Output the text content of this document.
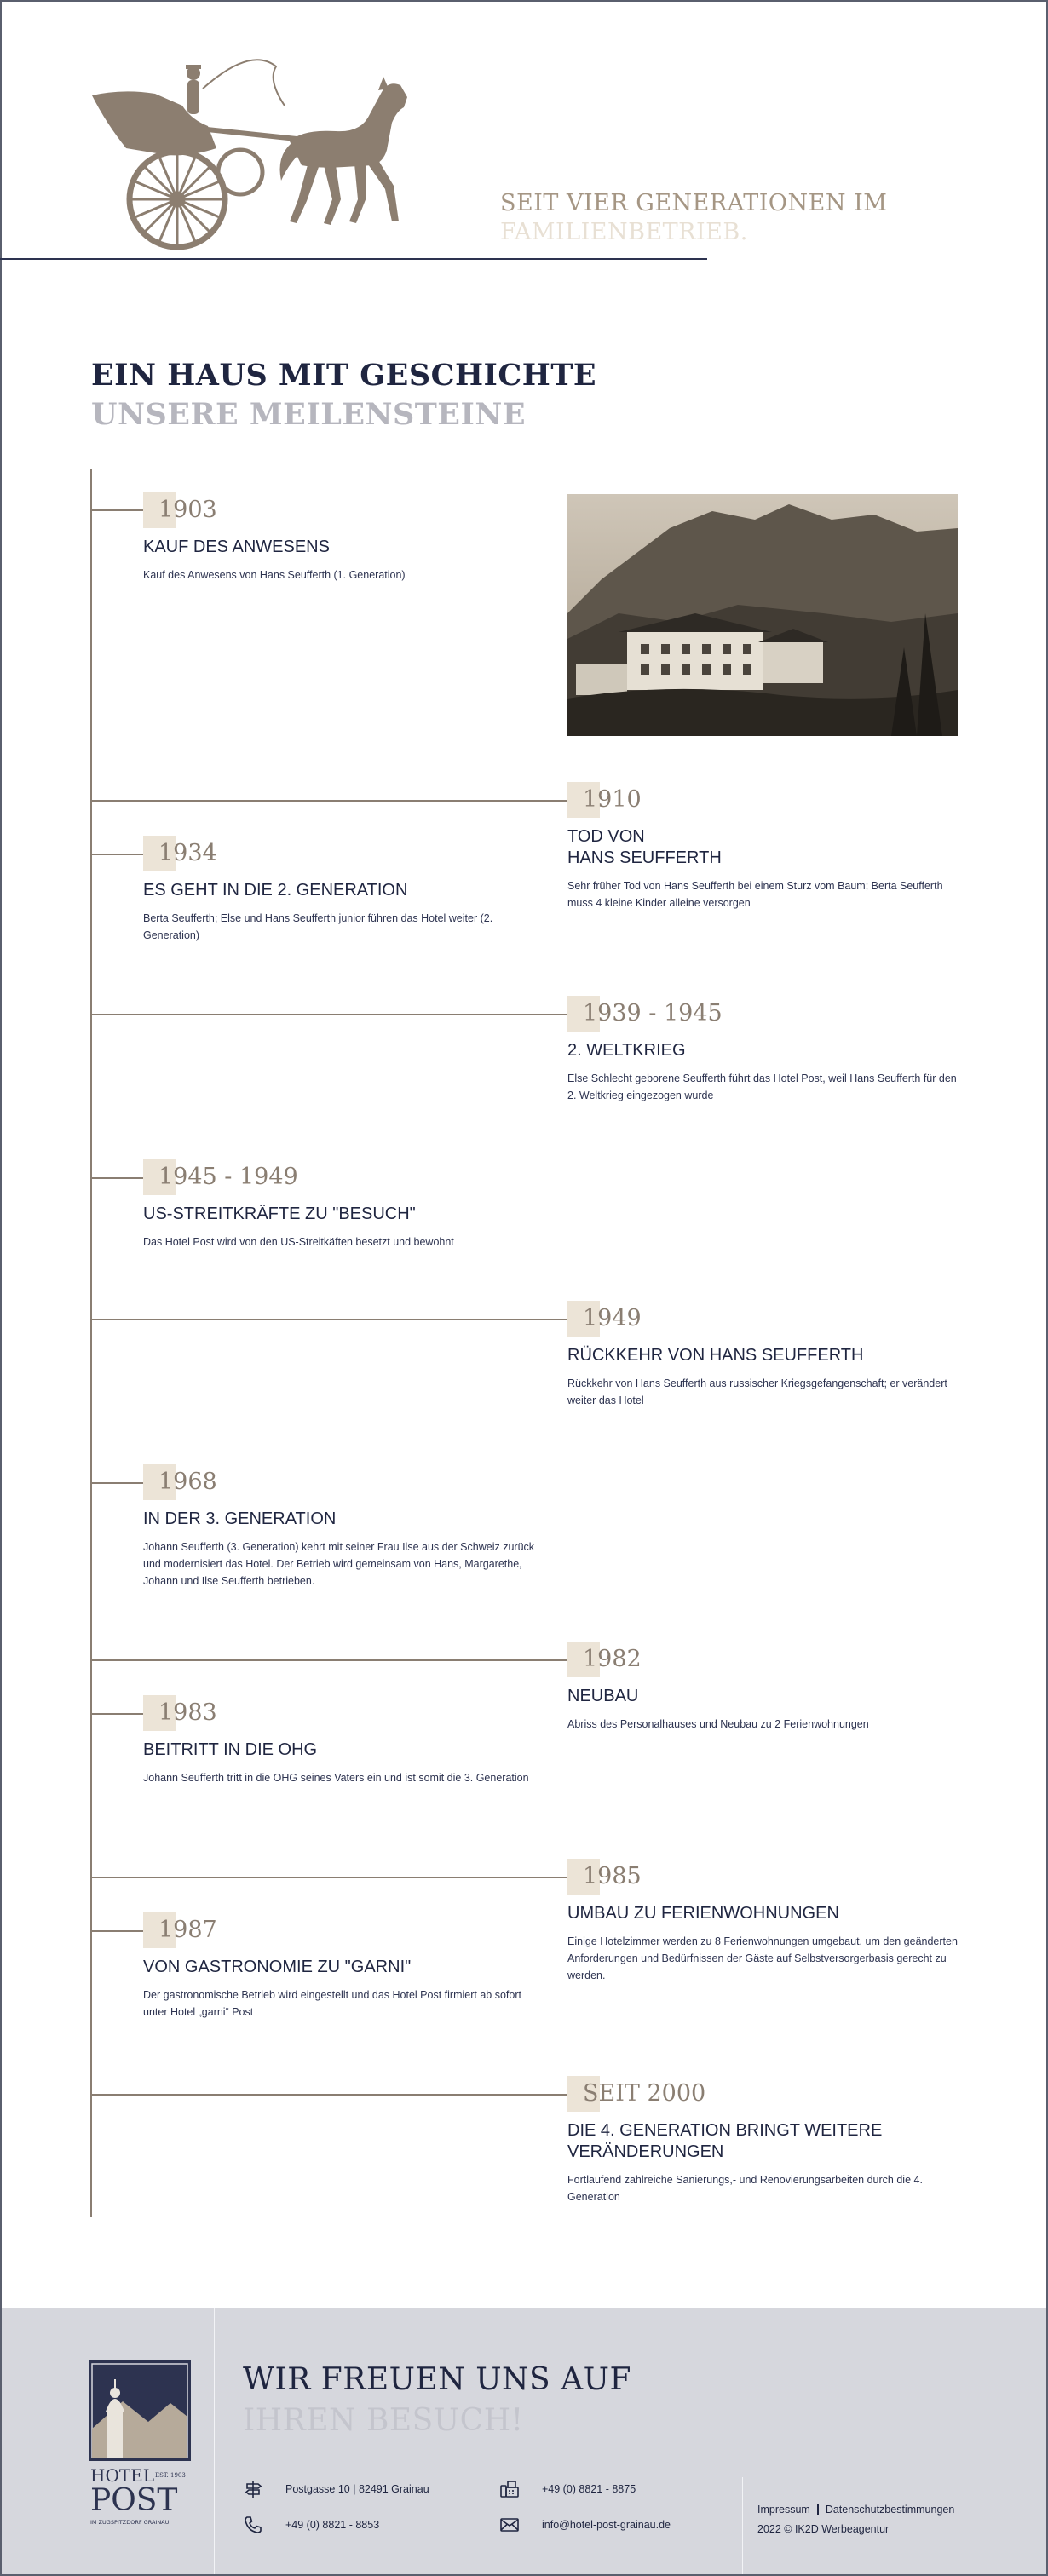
SEIT VIER GENERATIONEN IM
FAMILIENBETRIEB.
EIN HAUS MIT GESCHICHTE
UNSERE MEILENSTEINE
1903
KAUF DES ANWESENS
Kauf des Anwesens von Hans Seufferth (1. Generation)
1910
TOD VON
HANS SEUFFERTH
Sehr früher Tod von Hans Seufferth bei einem Sturz vom Baum; Berta Seufferth muss 4 kleine Kinder alleine versorgen
1934
ES GEHT IN DIE 2. GENERATION
Berta Seufferth; Else und Hans Seufferth junior führen das Hotel weiter (2. Generation)
1939 - 1945
2. WELTKRIEG
Else Schlecht geborene Seufferth führt das Hotel Post, weil Hans Seufferth für den 2. Weltkrieg eingezogen wurde
1945 - 1949
US-STREITKRÄFTE ZU "BESUCH"
Das Hotel Post wird von den US-Streitkäften besetzt und bewohnt
1949
RÜCKKEHR VON HANS SEUFFERTH
Rückkehr von Hans Seufferth aus russischer Kriegsgefangenschaft; er verändert weiter das Hotel
1968
IN DER 3. GENERATION
Johann Seufferth (3. Generation) kehrt mit seiner Frau Ilse aus der Schweiz zurück und modernisiert das Hotel. Der Betrieb wird gemeinsam von Hans, Margarethe, Johann und Ilse Seufferth betrieben.
1982
NEUBAU
Abriss des Personalhauses und Neubau zu 2 Ferienwohnungen
1983
BEITRITT IN DIE OHG
Johann Seufferth tritt in die OHG seines Vaters ein und ist somit die 3. Generation
1985
UMBAU ZU FERIENWOHNUNGEN
Einige Hotelzimmer werden zu 8 Ferienwohnungen umgebaut, um den geänderten Anforderungen und Bedürfnissen der Gäste auf Selbstversorgerbasis gerecht zu werden.
1987
VON GASTRONOMIE ZU "GARNI"
Der gastronomische Betrieb wird eingestellt und das Hotel Post firmiert ab sofort unter Hotel „garni“ Post
SEIT 2000
DIE 4. GENERATION BRINGT WEITERE VERÄNDERUNGEN
Fortlaufend zahlreiche Sanierungs,- und Renovierungsarbeiten durch die 4. Generation
HOTEL EST. 1903
POST
IM ZUGSPITZDORF GRAINAU
WIR FREUEN UNS AUF
IHREN BESUCH!
Postgasse 10 | 82491 Grainau
+49 (0) 8821 - 8853
+49 (0) 8821 - 8875
info@hotel-post-grainau.de
Impressum Datenschutzbestimmungen
2022 © IK2D Werbeagentur
